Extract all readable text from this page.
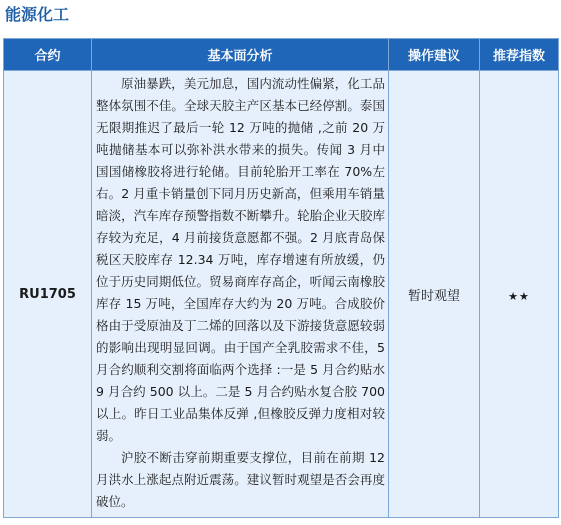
能源化工
合约	基本面分析	操作建议	推荐指数
RU1705	原油暴跌，美元加息，国内流动性偏紧，化工品整体氛围不佳。全球天胶主产区基本已经停割。泰国无限期推迟了最后一轮 12 万吨的抛储 ,之前 20 万吨抛储基本可以弥补洪水带来的损失。传闻 3 月中国国储橡胶将进行轮储。目前轮胎开工率在 70%左右。2 月重卡销量创下同月历史新高，但乘用车销量暗淡，汽车库存预警指数不断攀升。轮胎企业天胶库存较为充足，4 月前接货意愿都不强。2 月底青岛保税区天胶库存 12.34 万吨，库存增速有所放缓，仍位于历史同期低位。贸易商库存高企，听闻云南橡胶库存 15 万吨，全国库存大约为 20 万吨。合成胶价格由于受原油及丁二烯的回落以及下游接货意愿较弱的影响出现明显回调。由于国产全乳胶需求不佳，5 月合约顺利交割将面临两个选择 :一是 5 月合约贴水 9 月合约 500 以上。二是 5 月合约贴水复合胶 700 以上。昨日工业品集体反弹 ,但橡胶反弹力度相对较弱。

沪胶不断击穿前期重要支撑位，目前在前期 12 月洪水上涨起点附近震荡。建议暂时观望是否会再度破位。	暂时观望	★★
